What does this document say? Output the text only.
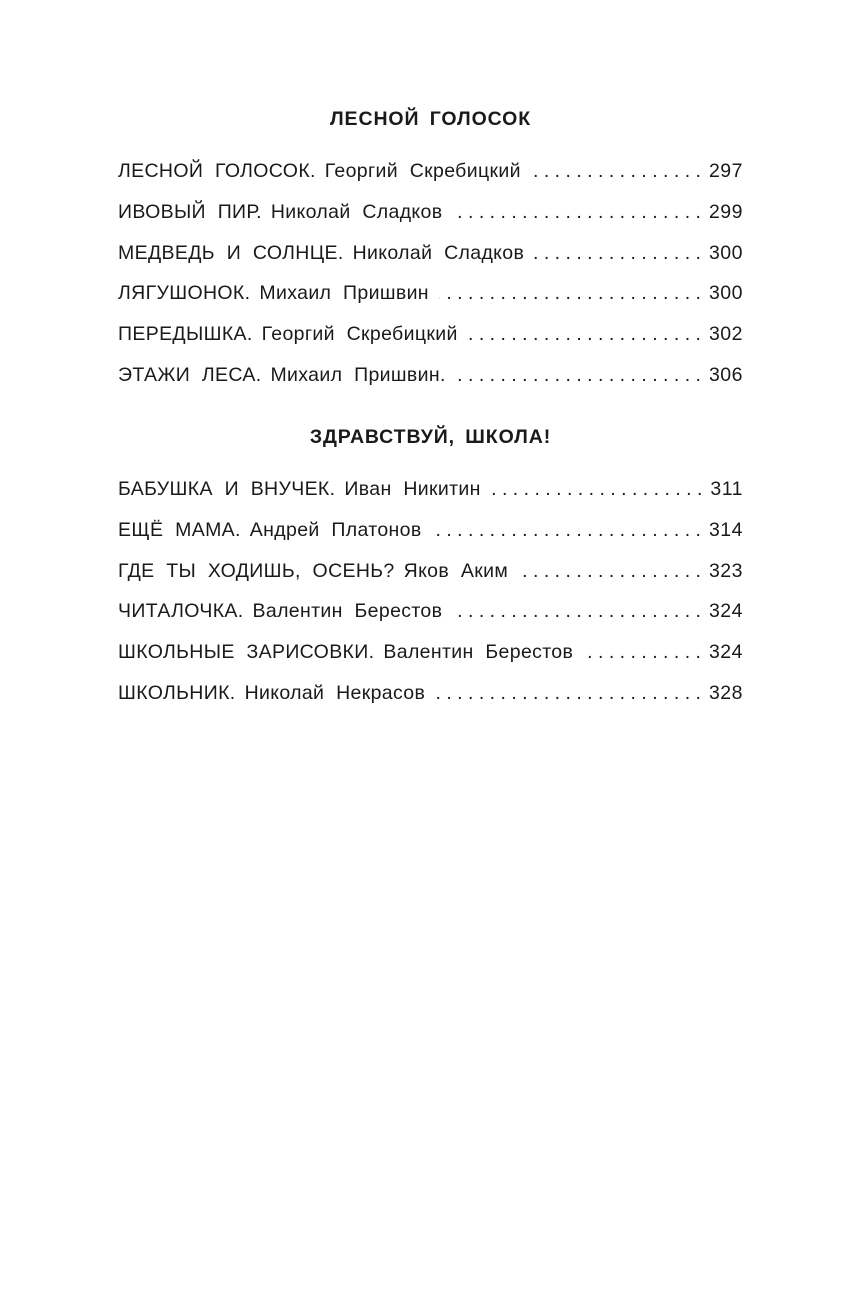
ЛЕСНОЙ ГОЛОСОК
ЛЕСНОЙ ГОЛОСОК. Георгий Скребицкий . . .	297
ИВОВЫЙ ПИР. Николай Сладков . . .	299
МЕДВЕДЬ И СОЛНЦЕ. Николай Сладков . . .	300
ЛЯГУШОНОК. Михаил Пришвин . . .	300
ПЕРЕДЫШКА. Георгий Скребицкий . . .	302
ЭТАЖИ ЛЕСА. Михаил Пришвин. . . .	306
ЗДРАВСТВУЙ, ШКОЛА!
БАБУШКА И ВНУЧЕК. Иван Никитин . . .	311
ЕЩЁ МАМА. Андрей Платонов . . .	314
ГДЕ ТЫ ХОДИШЬ, ОСЕНЬ? Яков Аким . . .	323
ЧИТАЛОЧКА. Валентин Берестов . . .	324
ШКОЛЬНЫЕ ЗАРИСОВКИ. Валентин Берестов . . .	324
ШКОЛЬНИК. Николай Некрасов . . .	328
